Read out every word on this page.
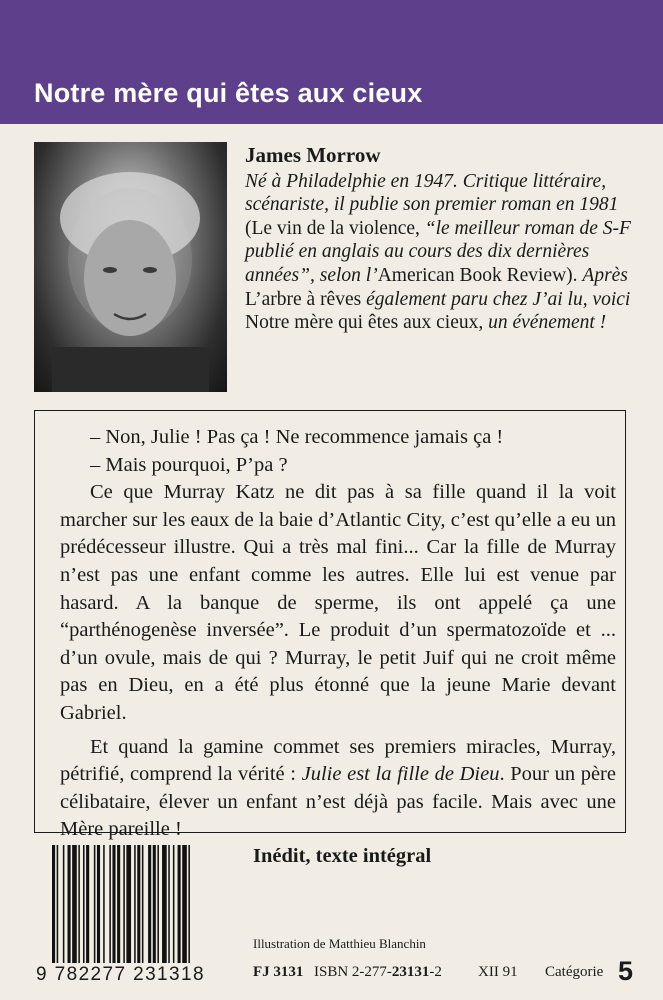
Notre mère qui êtes aux cieux
James Morrow
Né à Philadelphie en 1947. Critique littéraire, scénariste, il publie son premier roman en 1981 (Le vin de la violence, “le meilleur roman de S-F publié en anglais au cours des dix dernières années”, selon l’American Book Review). Après L’arbre à rêves également paru chez J’ai lu, voici Notre mère qui êtes aux cieux, un événement !

– Non, Julie ! Pas ça ! Ne recommence jamais ça !

– Mais pourquoi, P’pa ?

Ce que Murray Katz ne dit pas à sa fille quand il la voit marcher sur les eaux de la baie d’Atlantic City, c’est qu’elle a eu un prédécesseur illustre. Qui a très mal fini... Car la fille de Murray n’est pas une enfant comme les autres. Elle lui est venue par hasard. A la banque de sperme, ils ont appelé ça une “parthénogenèse inversée”. Le produit d’un spermatozoïde et ... d’un ovule, mais de qui ? Murray, le petit Juif qui ne croit même pas en Dieu, en a été plus étonné que la jeune Marie devant Gabriel.

Et quand la gamine commet ses premiers miracles, Murray, pétrifié, comprend la vérité : Julie est la fille de Dieu. Pour un père célibataire, élever un enfant n’est déjà pas facile. Mais avec une Mère pareille !

9 782277 231318
Inédit, texte intégral
Illustration de Matthieu Blanchin
FJ 3131 ISBN 2-277-23131-2 XII 91 Catégorie 5
